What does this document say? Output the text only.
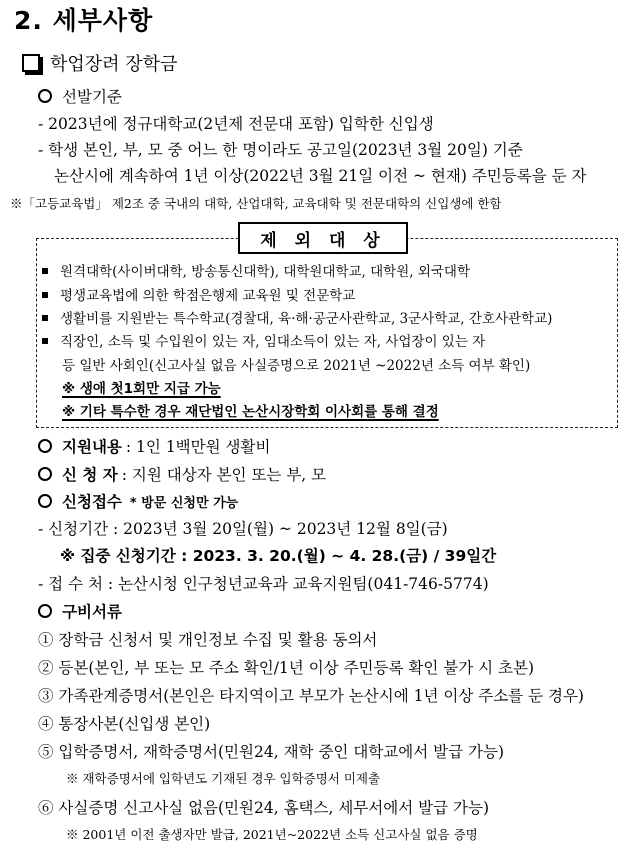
2. 세부사항
학업장려 장학금
선발기준
- 2023년에 정규대학교(2년제 전문대 포함) 입학한 신입생
- 학생 본인, 부, 모 중 어느 한 명이라도 공고일(2023년 3월 20일) 기준
논산시에 계속하여 1년 이상(2022년 3월 21일 이전 ~ 현재) 주민등록을 둔 자
※「고등교육법」 제2조 중 국내의 대학, 산업대학, 교육대학 및 전문대학의 신입생에 한함
제 외 대 상
원격대학(사이버대학, 방송통신대학), 대학원대학교, 대학원, 외국대학
평생교육법에 의한 학점은행제 교육원 및 전문학교
생활비를 지원받는 특수학교(경찰대, 육·해·공군사관학교, 3군사학교, 간호사관학교)
직장인, 소득 및 수입원이 있는 자, 임대소득이 있는 자, 사업장이 있는 자
등 일반 사회인(신고사실 없음 사실증명으로 2021년 ~2022년 소득 여부 확인)
※ 생애 첫1회만 지급 가능
※ 기타 특수한 경우 재단법인 논산시장학회 이사회를 통해 결정
지원내용 : 1인 1백만원 생활비
신 청 자 : 지원 대상자 본인 또는 부, 모
신청접수 * 방문 신청만 가능
- 신청기간 : 2023년 3월 20일(월) ~ 2023년 12월 8일(금)
※ 집중 신청기간 : 2023. 3. 20.(월) ~ 4. 28.(금) / 39일간
- 접 수 처 : 논산시청 인구청년교육과 교육지원팀(041-746-5774)
구비서류
① 장학금 신청서 및 개인정보 수집 및 활용 동의서
② 등본(본인, 부 또는 모 주소 확인/1년 이상 주민등록 확인 불가 시 초본)
③ 가족관계증명서(본인은 타지역이고 부모가 논산시에 1년 이상 주소를 둔 경우)
④ 통장사본(신입생 본인)
⑤ 입학증명서, 재학증명서(민원24, 재학 중인 대학교에서 발급 가능)
※ 재학증명서에 입학년도 기재된 경우 입학증명서 미제출
⑥ 사실증명 신고사실 없음(민원24, 홈택스, 세무서에서 발급 가능)
※ 2001년 이전 출생자만 발급, 2021년~2022년 소득 신고사실 없음 증명
